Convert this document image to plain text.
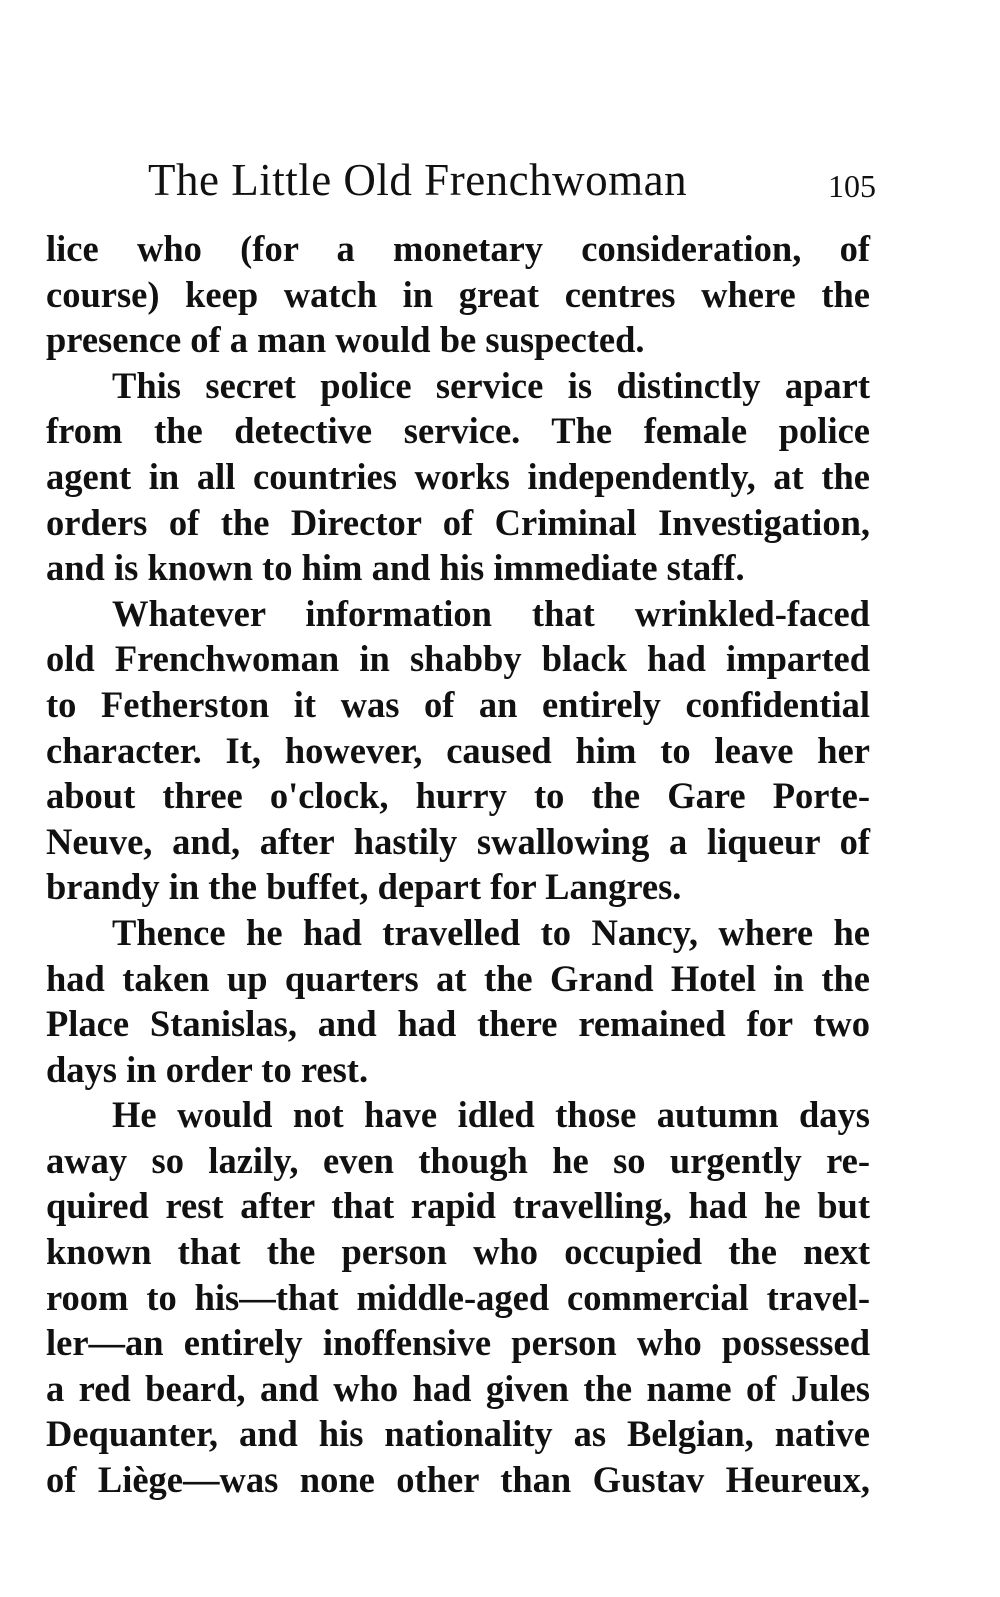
The Little Old Frenchwoman	105
lice who (for a monetary consideration, of
course) keep watch in great centres where the
presence of a man would be suspected.
This secret police service is distinctly apart
from the detective service. The female police
agent in all countries works independently, at the
orders of the Director of Criminal Investigation,
and is known to him and his immediate staff.
Whatever information that wrinkled-faced
old Frenchwoman in shabby black had imparted
to Fetherston it was of an entirely confidential
character. It, however, caused him to leave her
about three o'clock, hurry to the Gare Porte-
Neuve, and, after hastily swallowing a liqueur of
brandy in the buffet, depart for Langres.
Thence he had travelled to Nancy, where he
had taken up quarters at the Grand Hotel in the
Place Stanislas, and had there remained for two
days in order to rest.
He would not have idled those autumn days
away so lazily, even though he so urgently re-
quired rest after that rapid travelling, had he but
known that the person who occupied the next
room to his—that middle-aged commercial travel-
ler—an entirely inoffensive person who possessed
a red beard, and who had given the name of Jules
Dequanter, and his nationality as Belgian, native
of Liège—was none other than Gustav Heureux,
